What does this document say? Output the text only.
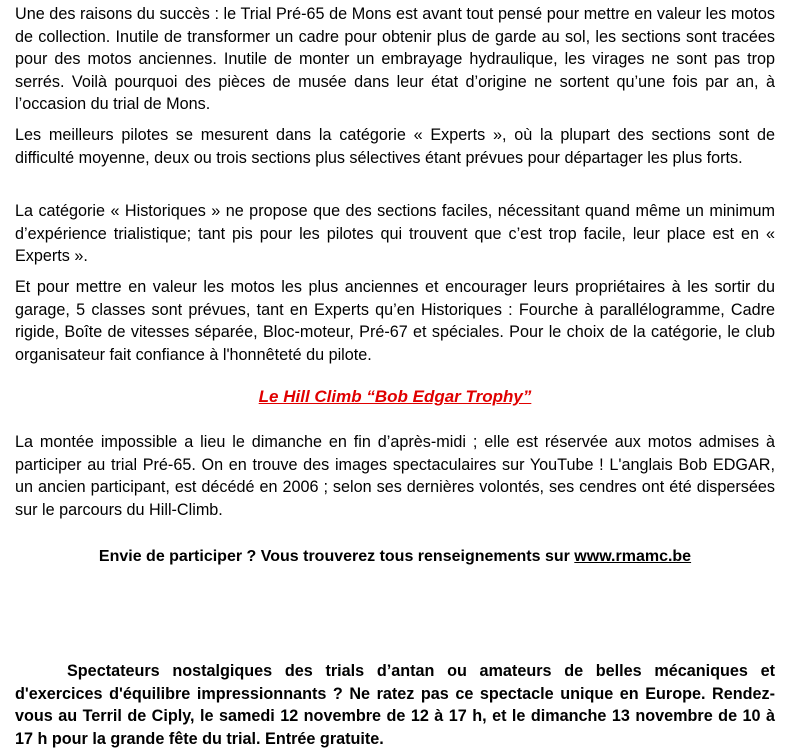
Une des raisons du succès : le Trial Pré-65 de Mons est avant tout pensé pour mettre en valeur les motos de collection. Inutile de transformer un cadre pour obtenir plus de garde au sol, les sections sont tracées pour des motos anciennes. Inutile de monter un embrayage hydraulique, les virages ne sont pas trop serrés. Voilà pourquoi des pièces de musée dans leur état d’origine ne sortent qu’une fois par an, à l’occasion du trial de Mons.

Les meilleurs pilotes se mesurent dans la catégorie « Experts », où la plupart des sections sont de difficulté moyenne, deux ou trois sections plus sélectives étant prévues pour départager les plus forts.

La catégorie « Historiques » ne propose que des sections faciles, nécessitant quand même un minimum d’expérience trialistique; tant pis pour les pilotes qui trouvent que c’est trop facile, leur place est en « Experts ».

Et pour mettre en valeur les motos les plus anciennes et encourager leurs propriétaires à les sortir du garage, 5 classes sont prévues, tant en Experts qu’en Historiques : Fourche à parallélogramme, Cadre rigide, Boîte de vitesses séparée, Bloc-moteur, Pré-67 et spéciales. Pour le choix de la catégorie, le club organisateur fait confiance à l'honnêteté du pilote.

Le Hill Climb “Bob Edgar Trophy”

La montée impossible a lieu le dimanche en fin d’après-midi ; elle est réservée aux motos admises à participer au trial Pré-65. On en trouve des images spectaculaires sur YouTube ! L'anglais Bob EDGAR, un ancien participant, est décédé en 2006 ; selon ses dernières volontés, ses cendres ont été dispersées sur le parcours du Hill-Climb.

Envie de participer ? Vous trouverez tous renseignements sur www.rmamc.be

Spectateurs nostalgiques des trials d’antan ou amateurs de belles mécaniques et d'exercices d'équilibre impressionnants ? Ne ratez pas ce spectacle unique en Europe. Rendez-vous au Terril de Ciply, le samedi 12 novembre de 12 à 17 h, et le dimanche 13 novembre de 10 à 17 h pour la grande fête du trial. Entrée gratuite.
